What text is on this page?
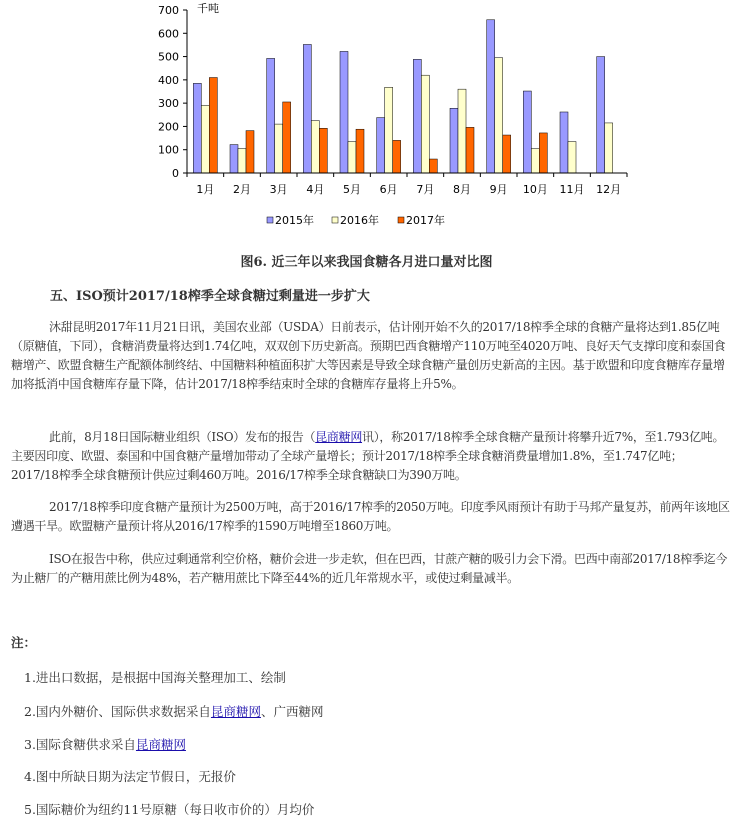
0
100
200
300
400
500
600
700
1月 2月 3月 4月 5月 6月 7月 8月 9月 10月 11月 12月
千吨
2015年 2016年 2017年
图6. 近三年以来我国食糖各月进口量对比图
五、ISO预计2017/18榨季全球食糖过剩量进一步扩大

沐甜昆明2017年11月21日讯，美国农业部（USDA）日前表示，估计刚开始不久的2017/18榨季全球的食糖产量将达到1.85亿吨（原糖值，下同），食糖消费量将达到1.74亿吨，双双创下历史新高。预期巴西食糖增产110万吨至4020万吨、良好天气支撑印度和泰国食糖增产、欧盟食糖生产配额体制终结、中国糖料种植面积扩大等因素是导致全球食糖产量创历史新高的主因。基于欧盟和印度食糖库存量增加将抵消中国食糖库存量下降，估计2017/18榨季结束时全球的食糖库存量将上升5%。

此前，8月18日国际糖业组织（ISO）发布的报告（昆商糖网讯），称2017/18榨季全球食糖产量预计将攀升近7%，至1.793亿吨。主要因印度、欧盟、泰国和中国食糖产量增加带动了全球产量增长；预计2017/18榨季全球食糖消费量增加1.8%，至1.747亿吨； 2017/18榨季全球食糖预计供应过剩460万吨。2016/17榨季全球食糖缺口为390万吨。

2017/18榨季印度食糖产量预计为2500万吨，高于2016/17榨季的2050万吨。印度季风雨预计有助于马邦产量复苏，前两年该地区遭遇干旱。欧盟糖产量预计将从2016/17榨季的1590万吨增至1860万吨。

ISO在报告中称，供应过剩通常利空价格，糖价会进一步走软，但在巴西，甘蔗产糖的吸引力会下滑。巴西中南部2017/18榨季迄今为止糖厂的产糖用蔗比例为48%，若产糖用蔗比下降至44%的近几年常规水平，或使过剩量减半。

注：
1.进出口数据，是根据中国海关整理加工、绘制
2.国内外糖价、国际供求数据采自昆商糖网、广西糖网
3.国际食糖供求采自昆商糖网
4.图中所缺日期为法定节假日，无报价
5.国际糖价为纽约11号原糖（每日收市价的）月均价
